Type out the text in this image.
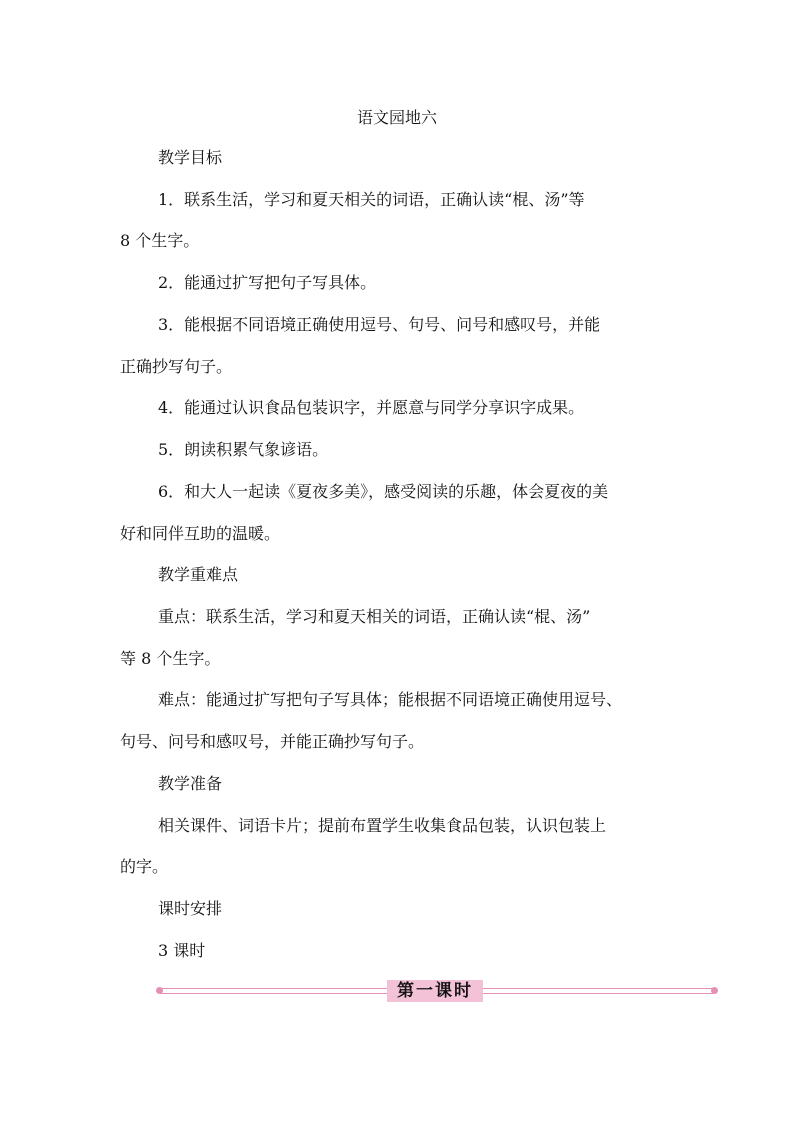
语文园地六
教学目标
1．联系生活，学习和夏天相关的词语，正确认读“棍、汤”等
8 个生字。
2．能通过扩写把句子写具体。
3．能根据不同语境正确使用逗号、句号、问号和感叹号，并能
正确抄写句子。
4．能通过认识食品包装识字，并愿意与同学分享识字成果。
5．朗读积累气象谚语。
6．和大人一起读《夏夜多美》，感受阅读的乐趣，体会夏夜的美
好和同伴互助的温暖。
教学重难点
重点：联系生活，学习和夏天相关的词语，正确认读“棍、汤”
等 8 个生字。
难点：能通过扩写把句子写具体；能根据不同语境正确使用逗号、
句号、问号和感叹号，并能正确抄写句子。
教学准备
相关课件、词语卡片；提前布置学生收集食品包装，认识包装上
的字。
课时安排
3 课时
第一课时
